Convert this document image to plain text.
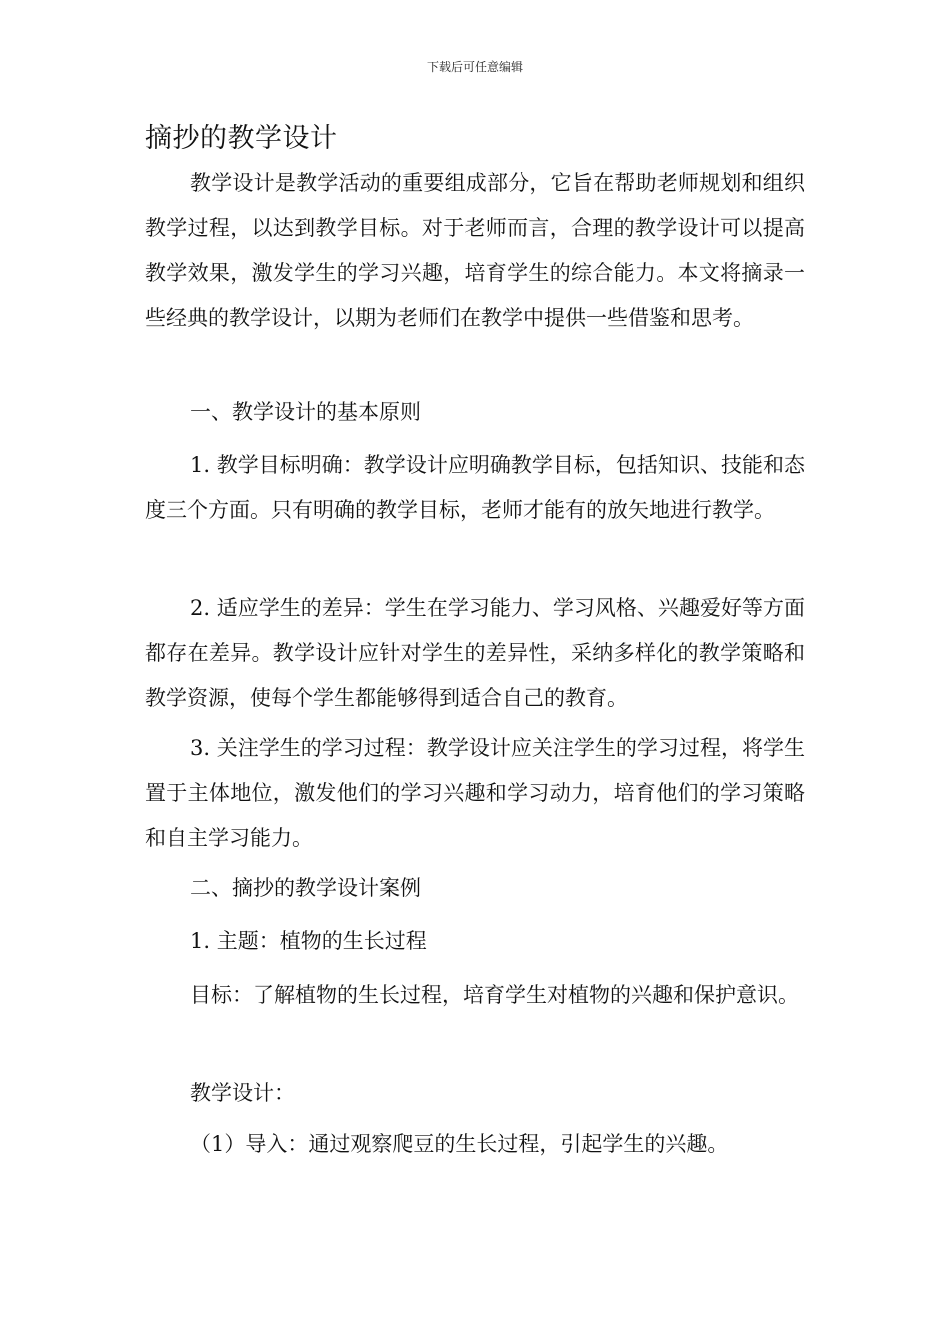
下载后可任意编辑
摘抄的教学设计

教学设计是教学活动的重要组成部分，它旨在帮助老师规划和组织教学过程，以达到教学目标。对于老师而言，合理的教学设计可以提高教学效果，激发学生的学习兴趣，培育学生的综合能力。本文将摘录一些经典的教学设计，以期为老师们在教学中提供一些借鉴和思考。

一、教学设计的基本原则

1. 教学目标明确：教学设计应明确教学目标，包括知识、技能和态度三个方面。只有明确的教学目标，老师才能有的放矢地进行教学。

2. 适应学生的差异：学生在学习能力、学习风格、兴趣爱好等方面都存在差异。教学设计应针对学生的差异性，采纳多样化的教学策略和教学资源，使每个学生都能够得到适合自己的教育。

3. 关注学生的学习过程：教学设计应关注学生的学习过程，将学生置于主体地位，激发他们的学习兴趣和学习动力，培育他们的学习策略和自主学习能力。

二、摘抄的教学设计案例

1. 主题：植物的生长过程

目标：了解植物的生长过程，培育学生对植物的兴趣和保护意识。

教学设计：

（1）导入：通过观察爬豆的生长过程，引起学生的兴趣。
